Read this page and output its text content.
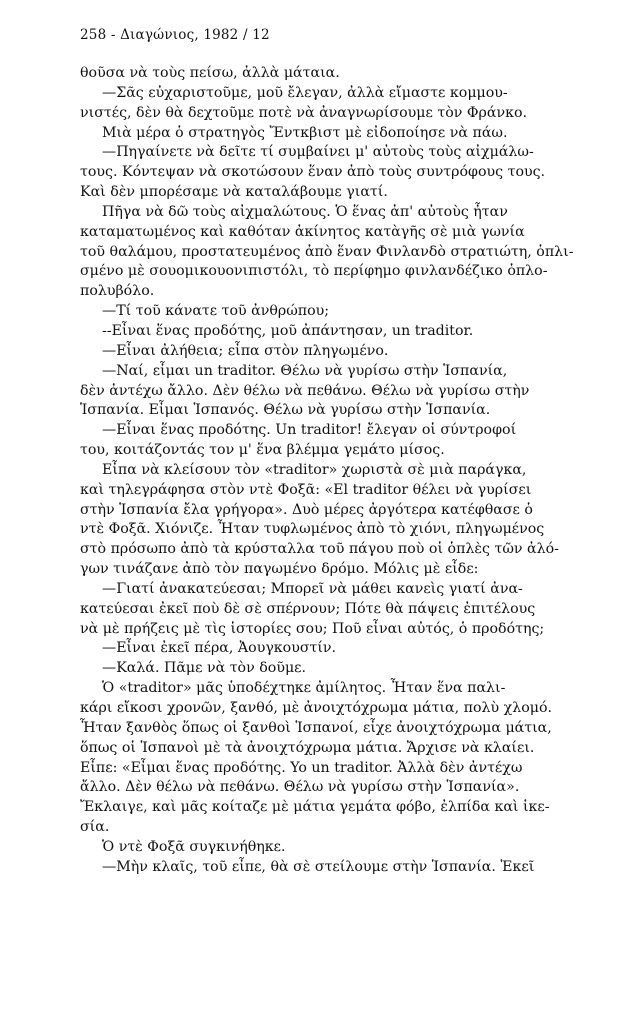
258 - Διαγώνιος, 1982 / 12
θοῦσα νὰ τοὺς πείσω, ἀλλὰ μάταια.
—Σᾶς εὐχαριστοῦμε, μοῦ ἔλεγαν, ἀλλὰ εἴμαστε κομμου-
νιστές, δὲν θὰ δεχτοῦμε ποτὲ νὰ ἀναγνωρίσουμε τὸν Φράνκο.
Μιὰ μέρα ὁ στρατηγὸς Ἔντκβιστ μὲ εἰδοποίησε νὰ πάω.
—Πηγαίνετε νὰ δεῖτε τί συμβαίνει μ' αὐτοὺς τοὺς αἰχμάλω-
τους. Κόντεψαν νὰ σκοτώσουν ἕναν ἀπὸ τοὺς συντρόφους τους.
Καὶ δὲν μπορέσαμε νὰ καταλάβουμε γιατί.
Πῆγα νὰ δῶ τοὺς αἰχμαλώτους. Ὁ ἕνας ἀπ' αὐτοὺς ἦταν
καταματωμένος καὶ καθόταν ἀκίνητος κατὰγῆς σὲ μιὰ γωνία
τοῦ θαλάμου, προστατευμένος ἀπὸ ἕναν Φινλανδὸ στρατιώτη, ὁπλι-
σμένο μὲ σουομικουονιπιστόλι, τὸ περίφημο φινλανδέζικο ὁπλο-
πολυβόλο.
—Τί τοῦ κάνατε τοῦ ἀνθρώπου;
--Εἶναι ἕνας προδότης, μοῦ ἀπάντησαν, un traditor.
—Εἶναι ἀλήθεια; εἶπα στὸν πληγωμένο.
—Ναί, εἶμαι un traditor. Θέλω νὰ γυρίσω στὴν Ἱσπανία,
δὲν ἀντέχω ἄλλο. Δὲν θέλω νὰ πεθάνω. Θέλω νὰ γυρίσω στὴν
Ἱσπανία. Εἶμαι Ἱσπανός. Θέλω νὰ γυρίσω στὴν Ἱσπανία.
—Εἶναι ἕνας προδότης. Un traditor! ἔλεγαν οἱ σύντροφοί
του, κοιτάζοντάς τον μ' ἕνα βλέμμα γεμάτο μίσος.
Εἶπα νὰ κλείσουν τὸν «traditor» χωριστὰ σὲ μιὰ παράγκα,
καὶ τηλεγράφησα στὸν ντὲ Φοξᾶ: «El traditor θέλει νὰ γυρίσει
στὴν Ἱσπανία ἔλα γρήγορα». Δυὸ μέρες ἀργότερα κατέφθασε ὁ
ντὲ Φοξᾶ. Χιόνιζε. Ἦταν τυφλωμένος ἀπὸ τὸ χιόνι, πληγωμένος
στὸ πρόσωπο ἀπὸ τὰ κρύσταλλα τοῦ πάγου ποὺ οἱ ὁπλὲς τῶν ἀλό-
γων τινάζανε ἀπὸ τὸν παγωμένο δρόμο. Μόλις μὲ εἶδε:
—Γιατί ἀνακατεύεσαι; Μπορεῖ νὰ μάθει κανεὶς γιατί ἀνα-
κατεύεσαι ἐκεῖ ποὺ δὲ σὲ σπέρνουν; Πότε θὰ πάψεις ἐπιτέλους
νὰ μὲ πρήζεις μὲ τὶς ἱστορίες σου; Ποῦ εἶναι αὐτός, ὁ προδότης;
—Εἶναι ἐκεῖ πέρα, Ἀουγκουστίν.
—Καλά. Πᾶμε νὰ τὸν δοῦμε.
Ὁ «traditor» μᾶς ὑποδέχτηκε ἀμίλητος. Ἦταν ἕνα παλι-
κάρι εἴκοσι χρονῶν, ξανθό, μὲ ἀνοιχτόχρωμα μάτια, πολὺ χλομό.
Ἦταν ξανθὸς ὅπως οἱ ξανθοὶ Ἱσπανοί, εἶχε ἀνοιχτόχρωμα μάτια,
ὅπως οἱ Ἱσπανοὶ μὲ τὰ ἀνοιχτόχρωμα μάτια. Ἄρχισε νὰ κλαίει.
Εἶπε: «Εἶμαι ἕνας προδότης. Yo un traditor. Ἀλλὰ δὲν ἀντέχω
ἄλλο. Δὲν θέλω νὰ πεθάνω. Θέλω νὰ γυρίσω στὴν Ἱσπανία».
Ἔκλαιγε, καὶ μᾶς κοίταζε μὲ μάτια γεμάτα φόβο, ἐλπίδα καὶ ἱκε-
σία.
Ὁ ντὲ Φοξᾶ συγκινήθηκε.
—Μὴν κλαῖς, τοῦ εἶπε, θὰ σὲ στείλουμε στὴν Ἱσπανία. Ἐκεῖ
